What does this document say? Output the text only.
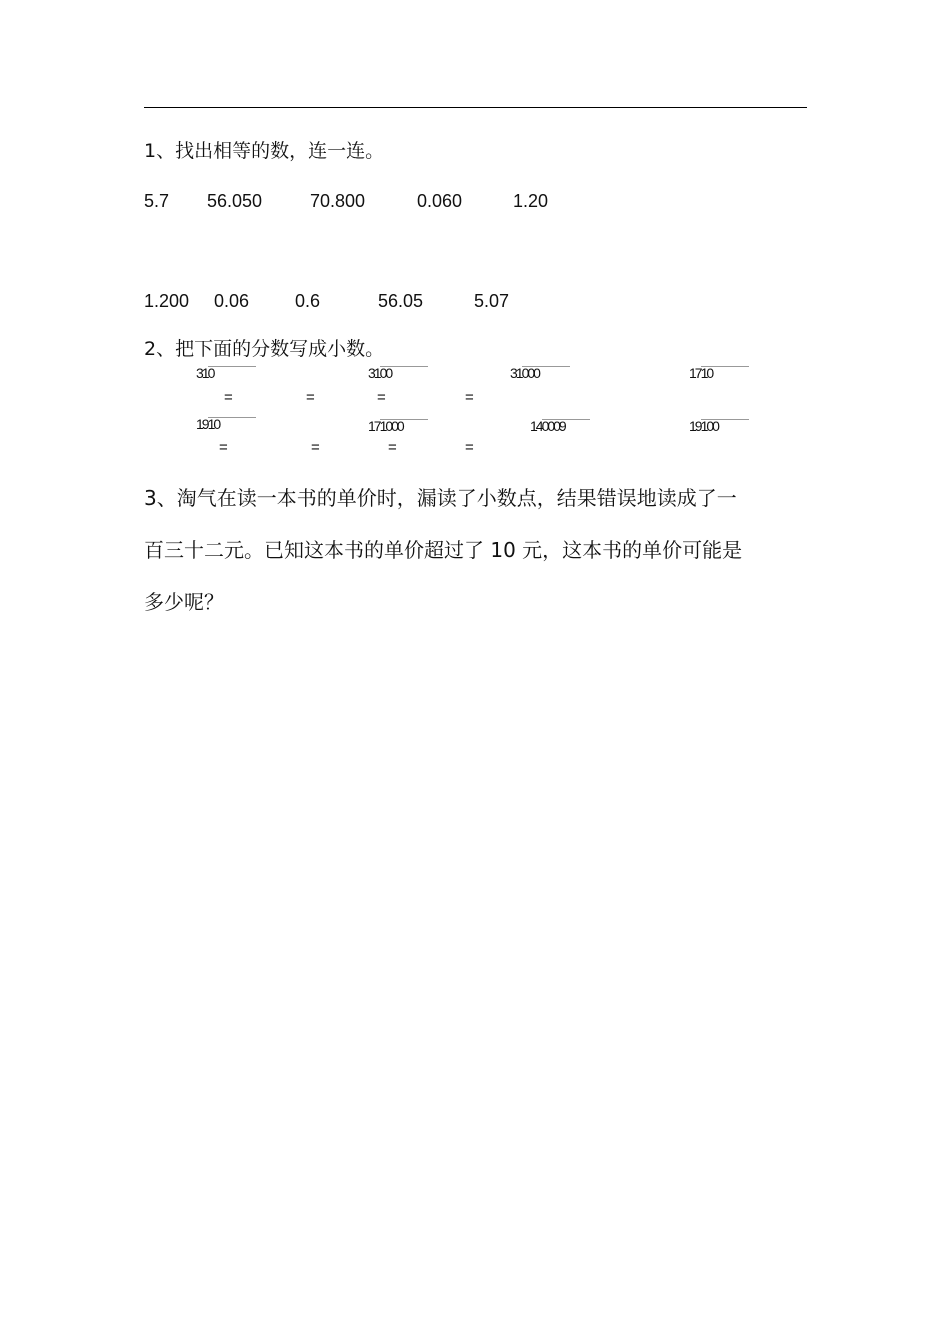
1、找出相等的数，连一连。
5.7 56.050	70.800	0.060	1.20
1.200 0.06	0.6	56.05	5.07
2、把下面的分数写成小数。
310	3100	31000	1710
=	=	=	=
1910	171000	140009	19100
=	=	=	=
3、淘气在读一本书的单价时，漏读了小数点，结果错误地读成了一
百三十二元。已知这本书的单价超过了 10 元，这本书的单价可能是
多少呢？
